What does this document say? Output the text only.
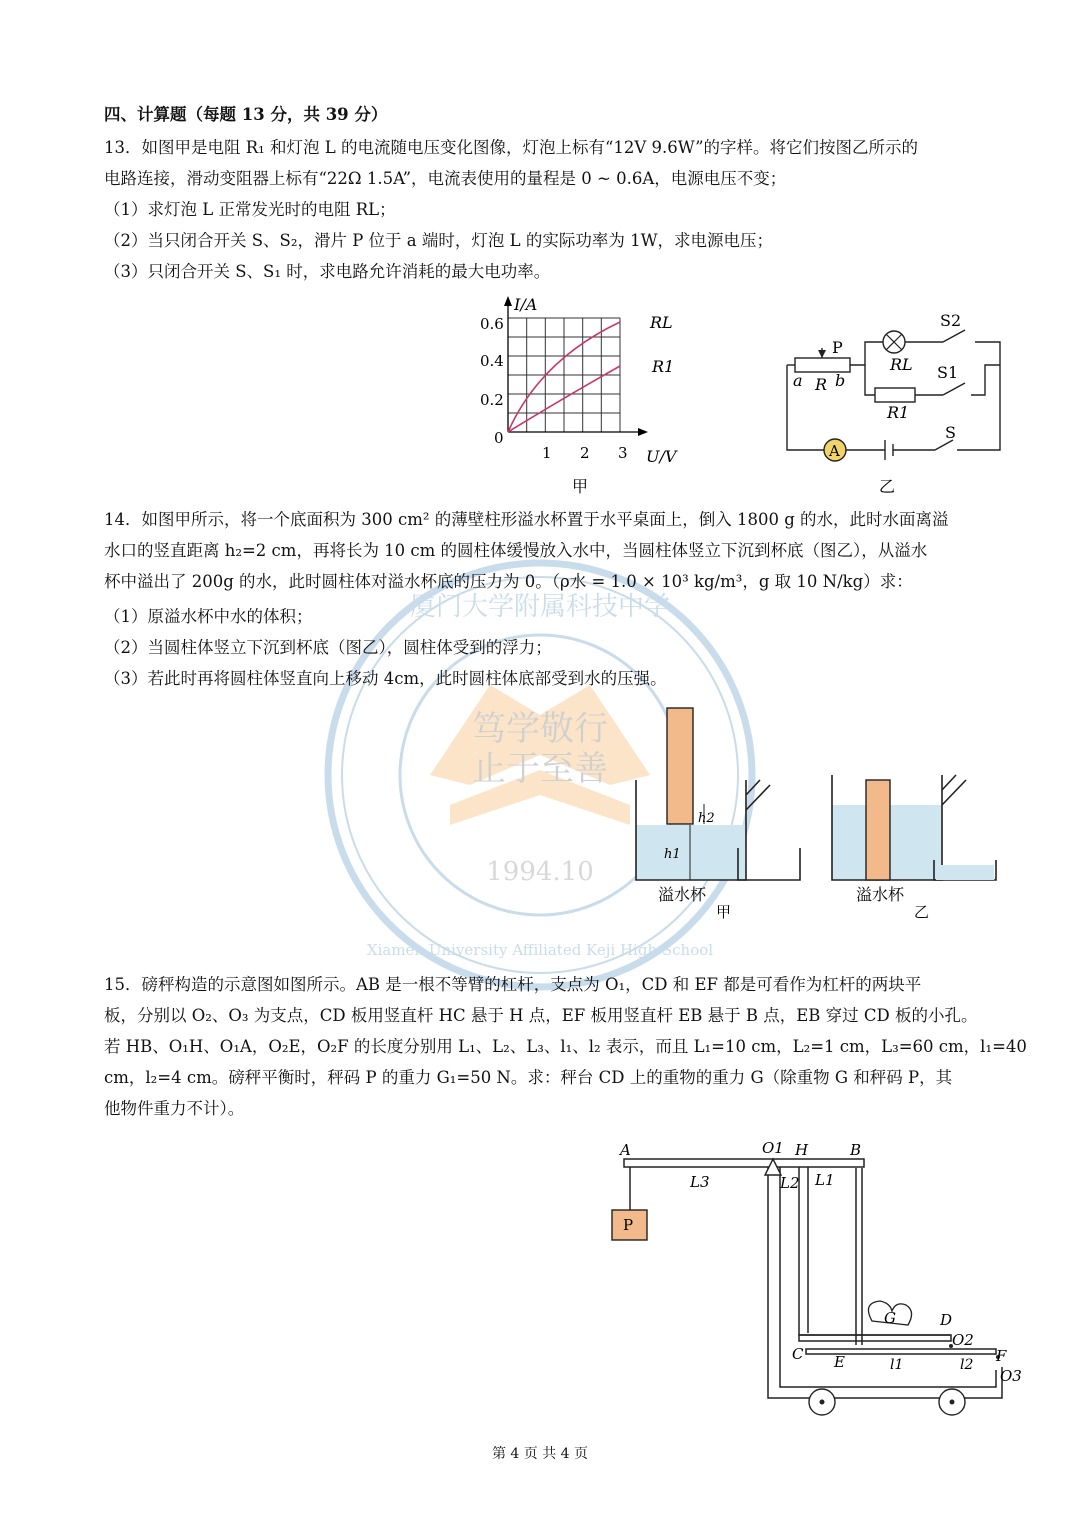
笃学敬行
止于至善
1994.10
厦门大学附属科技中学
Xiamen University Affiliated Keji High School
四、计算题（每题 13 分，共 39 分）
13．如图甲是电阻 R₁ 和灯泡 L 的电流随电压变化图像，灯泡上标有“12V 9.6W”的字样。将它们按图乙所示的
电路连接，滑动变阻器上标有“22Ω 1.5A”，电流表使用的量程是 0 ~ 0.6A，电源电压不变；
（1）求灯泡 L 正常发光时的电阻 RL；
（2）当只闭合开关 S、S₂，滑片 P 位于 a 端时，灯泡 L 的实际功率为 1W，求电源电压；
（3）只闭合开关 S、S₁ 时，求电路允许消耗的最大电功率。
I/A
0.6
0.4
0.2
0
1 2 3 U/V
RL
R1
甲
A
S2
P
RL S1
a R b
R1
S
乙
14．如图甲所示，将一个底面积为 300 cm² 的薄壁柱形溢水杯置于水平桌面上，倒入 1800 g 的水，此时水面离溢
水口的竖直距离 h₂=2 cm，再将长为 10 cm 的圆柱体缓慢放入水中，当圆柱体竖立下沉到杯底（图乙），从溢水
杯中溢出了 200g 的水，此时圆柱体对溢水杯底的压力为 0。（ρ水 = 1.0 × 10³ kg/m³，g 取 10 N/kg）求：
（1）原溢水杯中水的体积；
（2）当圆柱体竖立下沉到杯底（图乙），圆柱体受到的浮力；
（3）若此时再将圆柱体竖直向上移动 4cm，此时圆柱体底部受到水的压强。
h2
h1
溢水杯
甲
溢水杯
乙
15．磅秤构造的示意图如图所示。AB 是一根不等臂的杠杆，支点为 O₁，CD 和 EF 都是可看作为杠杆的两块平
板，分别以 O₂、O₃ 为支点，CD 板用竖直杆 HC 悬于 H 点，EF 板用竖直杆 EB 悬于 B 点，EB 穿过 CD 板的小孔。
若 HB、O₁H、O₁A，O₂E，O₂F 的长度分别用 L₁、L₂、L₃、l₁、l₂ 表示，而且 L₁=10 cm，L₂=1 cm，L₃=60 cm，l₁=40
cm，l₂=4 cm。磅秤平衡时，秤码 P 的重力 G₁=50 N。求：秤台 CD 上的重物的重力 G（除重物 G 和秤码 P，其
他物件重力不计）。
P
G
A	O1 H	B
L3	L2 L1
D
O2
C E	l1	l2 F
O3
第 4 页 共 4 页
